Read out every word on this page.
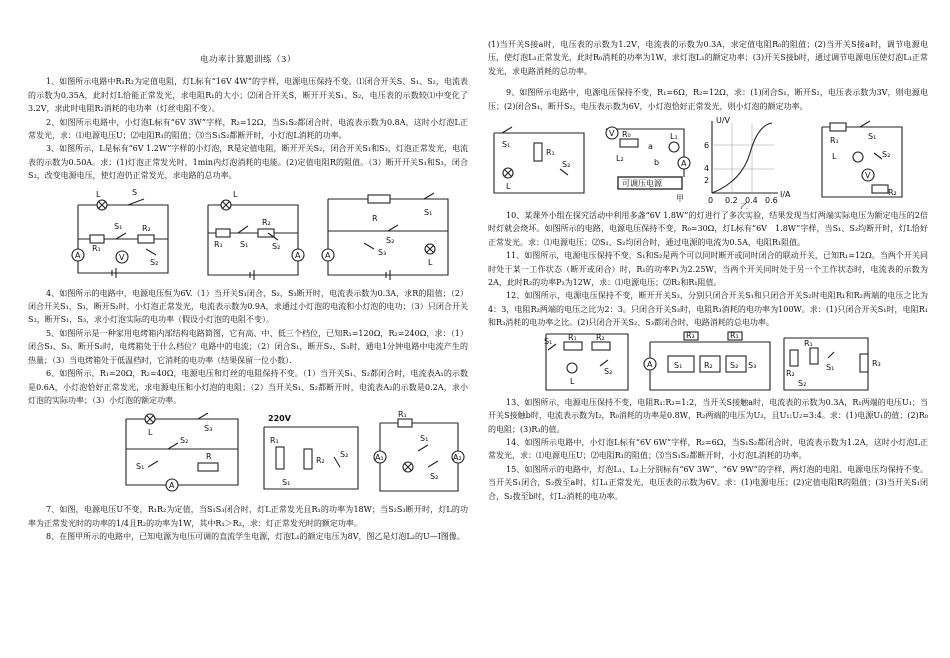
电功率计算题训练（3）

1、如图所示电路中R₁R₂为定值电阻，灯L标有“16V 4W”的字样，电源电压保持不变。⑴闭合开关S、S₁、S₂，电流表的示数为0.35A，此时灯L恰能正常发光，求电阻R₁的大小；⑵闭合开关S，断开开关S₁、S₂，电压表的示数较⑴中变化了3.2V，求此时电阻R₂消耗的电功率（灯丝电阻不变）。

2、如图所示电路中，小灯泡L标有“6V 3W”字样，R₂=12Ω，当S₁S₂都闭合时，电流表示数为0.8A，这时小灯泡L正常发光，求：⑴电源电压U；⑵电阻R₁的阻值；⑶当S₁S₂都断开时，小灯泡L消耗的功率。

3、如图所示，L是标有“6V 1.2W”字样的小灯泡，R是定值电阻，断开开关S₂，闭合开关S₁和S₃，灯泡正常发光，电流表的示数为0.50A。求：(1)灯泡正常发光时，1min内灯泡消耗的电能。(2)定值电阻R的阻值。（3）断开开关S₁和S₃，闭合S₂，改变电源电压，使灯泡仍正常发光，求电路的总功率。

L	S
R₁
S₁ R₂
S₂
A	V
L
R₂
R₁ S₁	S₂
A
R
S₁
S₂
S₃
L
A

4、如图所示的电路中，电源电压恒为6V.（1）当开关S₁闭合，S₂，S₃断开时，电流表示数为0.3A，求R的阻值；（2）闭合开关S₁，S₃，断开S₂时，小灯泡正常发光，电流表示数为0.9A，求通过小灯泡的电流和小灯泡的电功；（3）只闭合开关S₂，断开S₁，S₃，求小灯泡实际的电功率（假设小灯泡的电阻不变）。

5、如图所示是一种家用电烤箱内部结构电路简图，它有高、中、低三个档位，已知R₁=120Ω，R₂=240Ω，求：（1）闭合S₁、S₃，断开S₂时，电烤箱处于什么档位？电路中的电流；（2）闭合S₁，断开S₂、S₃时，通电1分钟电路中电流产生的热量；（3）当电烤箱处于低温档时，它消耗的电功率（结果保留一位小数）．

6、如图所示，R₁=20Ω，R₂=40Ω，电源电压和灯丝的电阻保持不变。（1）当开关S₁、S₂都闭合时，电流表A₁的示数是0.6A，小灯泡恰好正常发光，求电源电压和小灯泡的电阻；（2）当开关S₁、S₂都断开时，电流表A₂的示数是0.2A，求小灯泡的实际功率；（3）小灯泡的额定功率。

L	S₃
S₂
S₁
R
A
220V
R₁
R₂
S₂
S₁
R₁
S₁
A₁	A₂
S₂

7、如图，电源电压U不变，R₁R₂为定值，当S₁S₃闭合时，灯L正常发光且R₁的功率为18W；当S₂S₃断开时，灯L的功率为正常发光时的功率的1/4且R₂的功率为1W，其中R₁＞R₂，求：灯正常发光时的额定功率。

8、在图甲所示的电路中，已知电源为电压可调的直流学生电源，灯泡L₁的额定电压为8V，图乙是灯泡L₂的U—I图像。

(1)当开关S接a时，电压表的示数为1.2V，电流表的示数为0.3A，求定值电阻R₀的阻值；(2)当开关S接a时，调节电源电压，使灯泡L₁正常发光，此时R₀消耗的功率为1W，求灯泡L₁的额定功率；(3)开关S接b时，通过调节电源电压使灯泡L₁正常发光，求电路消耗的总功率。

9、如图所示电路中，电源电压保持不变，R₁=6Ω，R₂=12Ω，求：(1)闭合S₁，断开S₂，电压表示数为3V，则电源电压；(2)闭合S₁，断开S₂，电压表示数为6V，小灯泡恰好正常发光，则小灯泡的额定功率。

S₁
R₁
S₂
L
V R₀
L₂
a
b
L₁
A
可调压电源
甲
U/V
I/A
6
4
2
0 0.2 0.4 0.6
乙
R₁	S₁
L	S₂
V
R₂

10、某课外小组在探究活动中利用多盏“6V 1.8W”的灯进行了多次实验，结果发现当灯两端实际电压为额定电压的2倍时灯就会烧坏。如图所示的电路，电源电压保持不变，R₀=30Ω，灯L标有“6V　1.8W”字样，当S₁、S₂均断开时，灯L恰好正常发光。求：⑴电源电压；⑵S₁、S₂均闭合时，通过电源的电流为0.5A，电阻R₁阻值。

11、如图所示，电源电压保持不变，S₁和S₂是两个可以同时断开或同时闭合的联动开关，已知R₁=12Ω。当两个开关同时处于某一工作状态（断开或闭合）时，R₁的功率P₁为2.25W，当两个开关同时处于另一个工作状态时，电流表的示数为2A，此时R₂的功率P₂为12W，求：⑴电源电压；⑵R₂和R₁阻值。

12、如图所示，电源电压保持不变，断开开关S₃，分别只闭合开关S₁和只闭合开关S₂时电阻R₁和R₂两端的电压之比为4：3，电阻R₂两端的电压之比为2：3。只闭合开关S₃时，电阻R₃消耗的电功率为100W。求：(1)只闭合开关S₁时，电阻R₁和R₃消耗的电功率之比。(2)只闭合开关S₂、S₃都闭合时，电路消耗的总电功率。

S₁ R₁ R₂
L
S₂
R₃	R₁
A	S₁	R₂ S₂ S₃
R₂
R₁
S₁
S₂
R₃

13、如图所示，电源电压保持不变，电阻R₁:R₂=1:2，当开关S接触a时，电流表的示数为0.3A，R₁两端的电压U₁；当开关S接触b时，电流表示数为I₂，R₀消耗的功率是0.8W，R₂两端的电压为U₂，且U₁:U₂=3:4。求：(1)电源U₁的值；(2)R₀的电阻；(3)R₃的值。

14、如图所示电路中，小灯泡L标有“6V 6W”字样，R₂=6Ω，当S₁S₂都闭合时，电流表示数为1.2A，这时小灯泡L正常发光，求：⑴电源电压U；⑵电阻R₁的阻值；⑶当S₁S₂都断开时，小灯泡L消耗的功率。

15、如图所示的电路中，灯泡L₁、L₂上分别标有“6V 3W”、“6V 9W”的字样，两灯泡的电阻、电源电压均保持不变。当开关S₁闭合，S₂拨至a时，灯L₁正常发光，电压表的示数为6V。求：(1)电源电压；(2)定值电阻R的阻值；(3)当开关S₁闭合，S₂拨至b时，灯L₂消耗的电功率。
